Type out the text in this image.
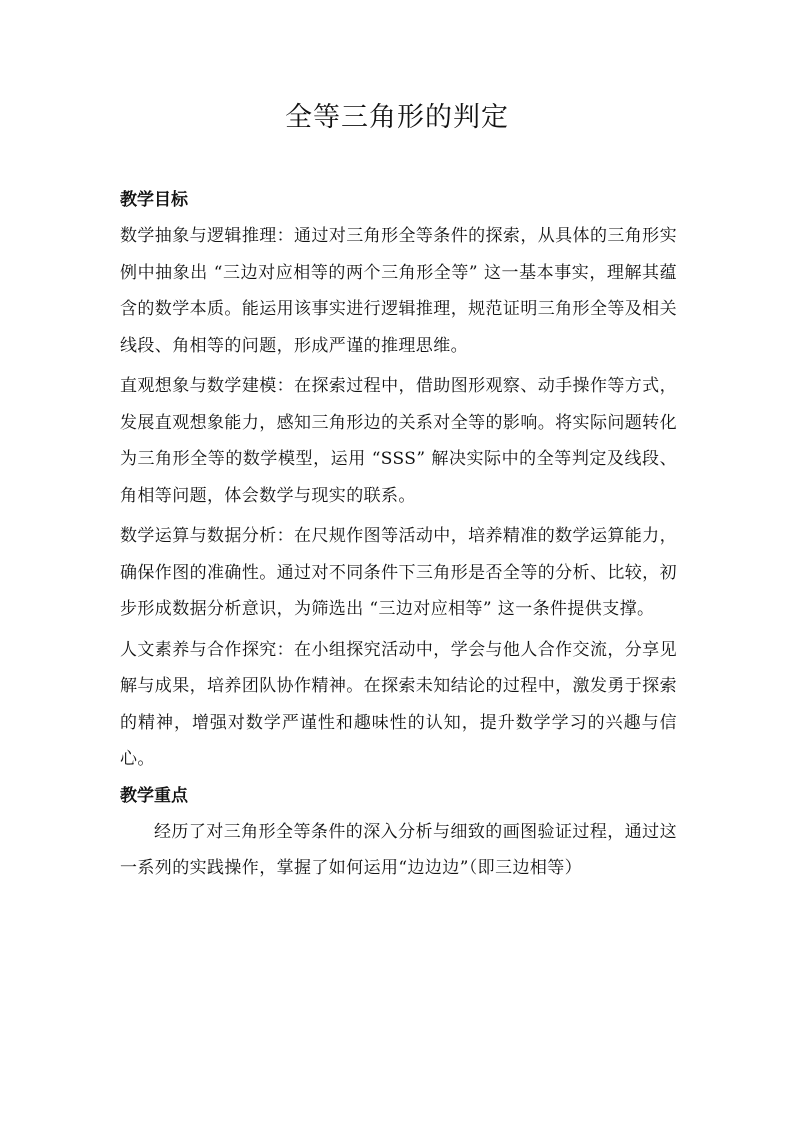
全等三角形的判定

教学目标

数学抽象与逻辑推理：通过对三角形全等条件的探索，从具体的三角形实例中抽象出 “三边对应相等的两个三角形全等” 这一基本事实，理解其蕴含的数学本质。能运用该事实进行逻辑推理，规范证明三角形全等及相关线段、角相等的问题，形成严谨的推理思维。

直观想象与数学建模：在探索过程中，借助图形观察、动手操作等方式，发展直观想象能力，感知三角形边的关系对全等的影响。将实际问题转化为三角形全等的数学模型，运用 “SSS” 解决实际中的全等判定及线段、角相等问题，体会数学与现实的联系。

数学运算与数据分析：在尺规作图等活动中，培养精准的数学运算能力，确保作图的准确性。通过对不同条件下三角形是否全等的分析、比较，初步形成数据分析意识，为筛选出 “三边对应相等” 这一条件提供支撑。

人文素养与合作探究：在小组探究活动中，学会与他人合作交流，分享见解与成果，培养团队协作精神。在探索未知结论的过程中，激发勇于探索的精神，增强对数学严谨性和趣味性的认知，提升数学学习的兴趣与信心。

教学重点

经历了对三角形全等条件的深入分析与细致的画图验证过程，通过这一系列的实践操作，掌握了如何运用“边边边”（即三边相等）
